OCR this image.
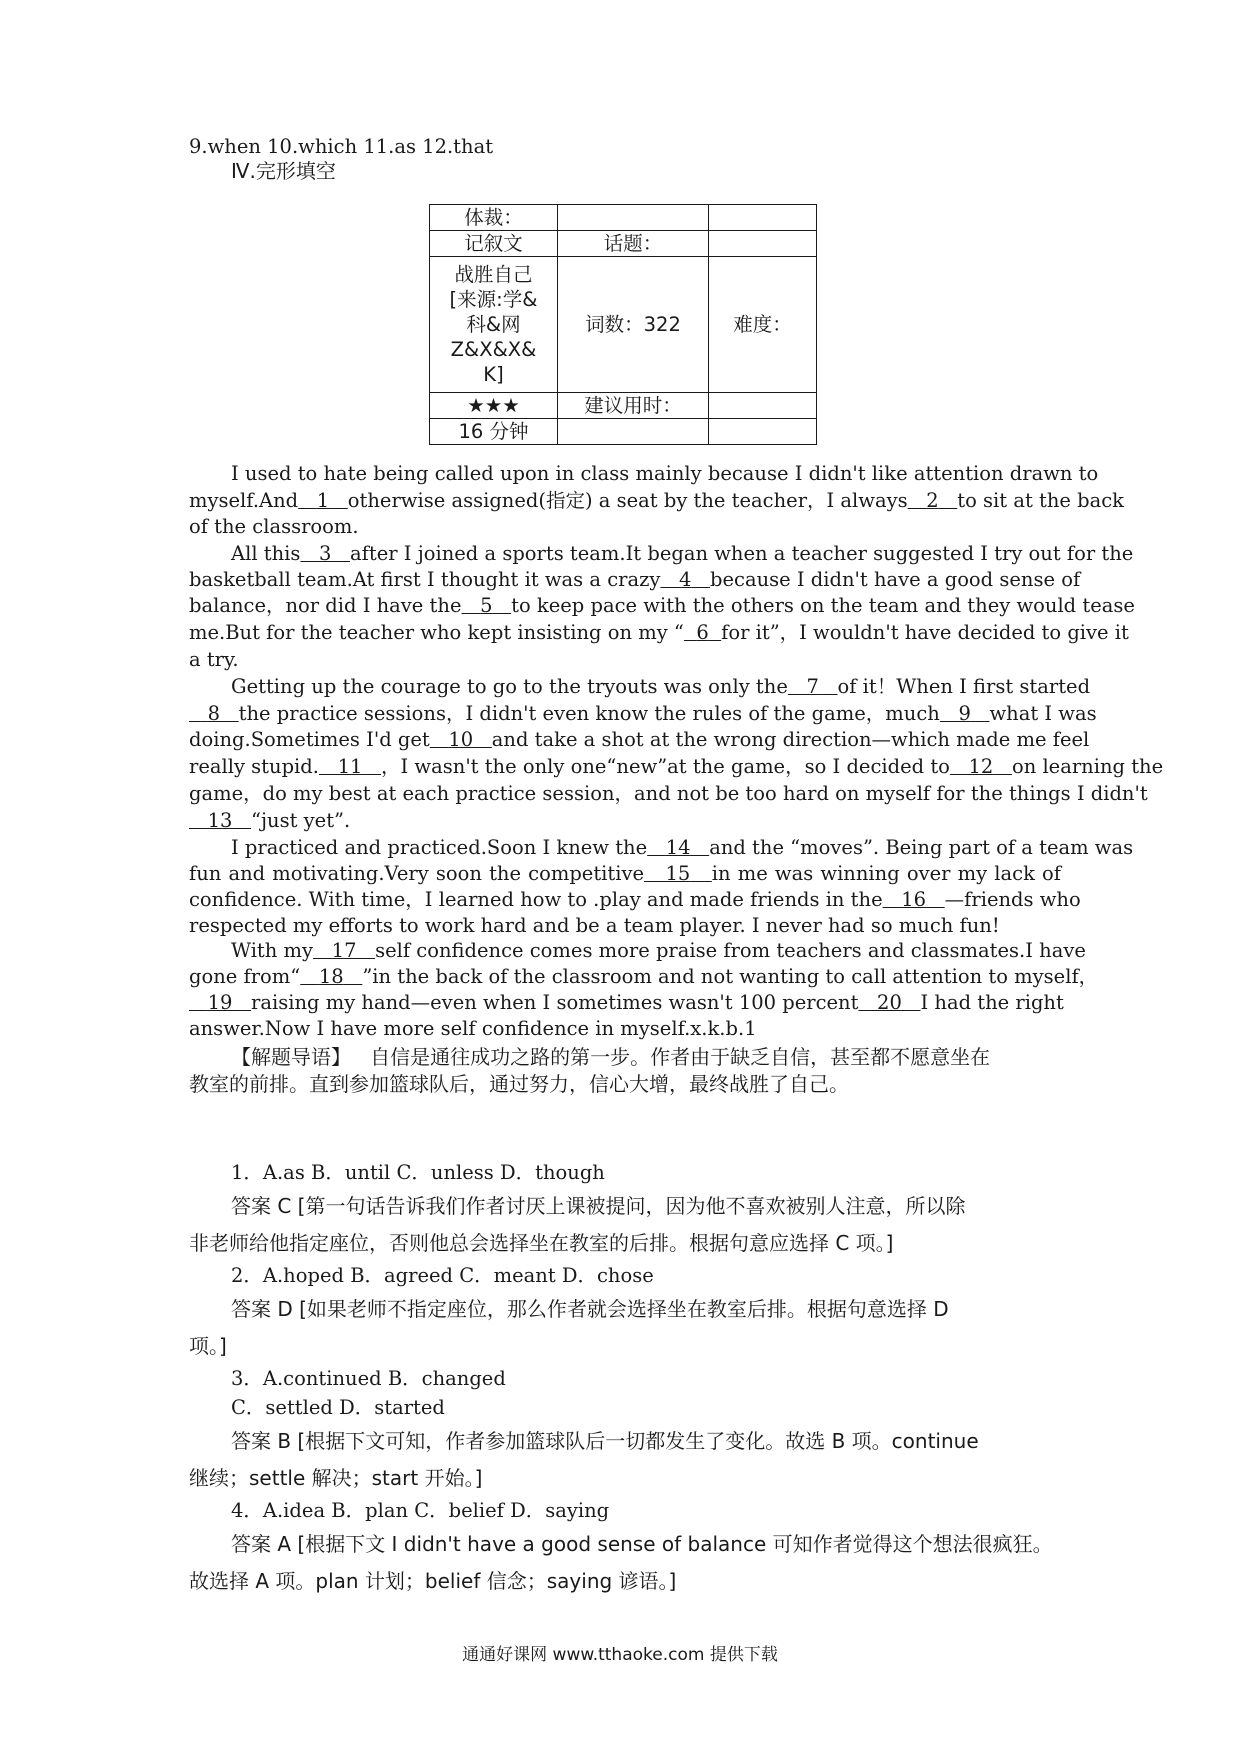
9.when 10.which 11.as 12.that
Ⅳ.完形填空
体裁：		
记叙文	话题：	

战胜自己
[来源:学&
科&网
Z&X&X&
K]	词数：322	难度：
★★★	建议用时：	
16 分钟		
I used to hate being called upon in class mainly because I didn't like attention drawn to
myself.And 1 otherwise assigned(指定) a seat by the teacher，I always 2 to sit at the back
of the classroom.
All this 3 after I joined a sports team.It began when a teacher suggested I try out for the
basketball team.At first I thought it was a crazy 4 because I didn't have a good sense of
balance，nor did I have the 5 to keep pace with the others on the team and they would tease
me.But for the teacher who kept insisting on my “ 6 for it”，I wouldn't have decided to give it
a try.
Getting up the courage to go to the tryouts was only the 7 of it！When I first started
8 the practice sessions，I didn't even know the rules of the game，much 9 what I was
doing.Sometimes I'd get 10 and take a shot at the wrong direction—which made me feel
really stupid. 11 ，I wasn't the only one“new”at the game，so I decided to 12 on learning the
game，do my best at each practice session，and not be too hard on myself for the things I didn't
13 “just yet”.
I practiced and practiced.Soon I knew the 14 and the “moves”. Being part of a team was
fun and motivating.Very soon the competitive 15 in me was winning over my lack of
confidence. With time，I learned how to .play and made friends in the 16 —friends who
respected my efforts to work hard and be a team player. I never had so much fun!
With my 17 self confidence comes more praise from teachers and classmates.I have
gone from“ 18 ”in the back of the classroom and not wanting to call attention to myself，
19 raising my hand—even when I sometimes wasn't 100 percent 20 I had the right
answer.Now I have more self confidence in myself.x.k.b.1
【解题导语】 自信是通往成功之路的第一步。作者由于缺乏自信，甚至都不愿意坐在
教室的前排。直到参加篮球队后，通过努力，信心大增，最终战胜了自己。
1．A.as B．until C．unless D．though
答案 C [第一句话告诉我们作者讨厌上课被提问，因为他不喜欢被别人注意，所以除
非老师给他指定座位，否则他总会选择坐在教室的后排。根据句意应选择 C 项。]
2．A.hoped B．agreed C．meant D．chose
答案 D [如果老师不指定座位，那么作者就会选择坐在教室后排。根据句意选择 D
项。]
3．A.continued B．changed
C．settled D．started
答案 B [根据下文可知，作者参加篮球队后一切都发生了变化。故选 B 项。continue
继续；settle 解决；start 开始。]
4．A.idea B．plan C．belief D．saying
答案 A [根据下文 I didn't have a good sense of balance 可知作者觉得这个想法很疯狂。
故选择 A 项。plan 计划；belief 信念；saying 谚语。]
通通好课网 www.tthaoke.com 提供下载
